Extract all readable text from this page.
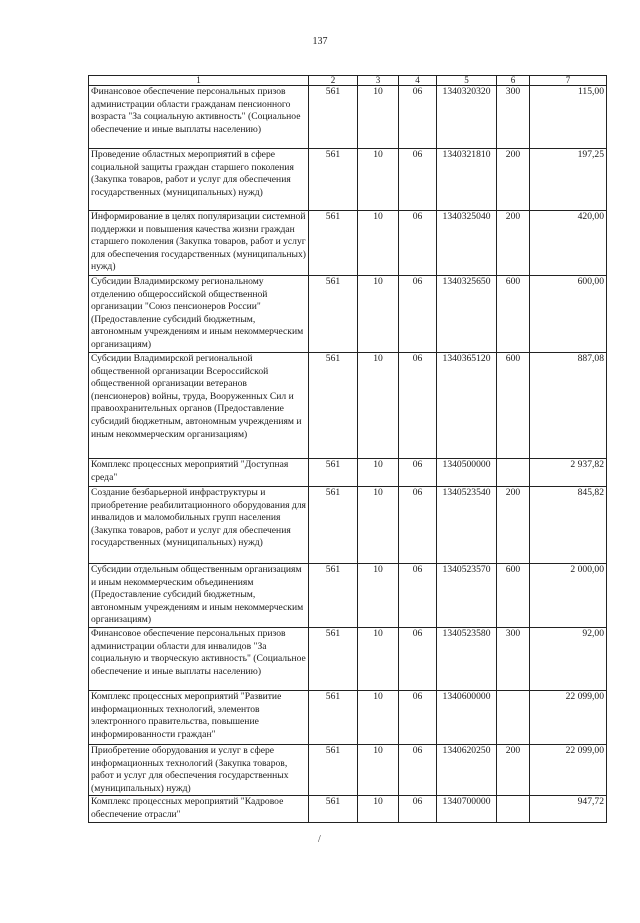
137
1	2	3	4	5	6	7
Финансовое обеспечение персональных призов администрации области гражданам пенсионного возраста "За социальную активность" (Социальное обеспечение и иные выплаты населению)	561	10	06	1340320320	300	115,00
Проведение областных мероприятий в сфере социальной защиты граждан старшего поколения (Закупка товаров, работ и услуг для обеспечения государственных (муниципальных) нужд)	561	10	06	1340321810	200	197,25
Информирование в целях популяризации системной поддержки и повышения качества жизни граждан старшего поколения (Закупка товаров, работ и услуг для обеспечения государственных (муниципальных) нужд)	561	10	06	1340325040	200	420,00
Субсидии Владимирскому региональному отделению общероссийской общественной организации "Союз пенсионеров России" (Предоставление субсидий бюджетным, автономным учреждениям и иным некоммерческим организациям)	561	10	06	1340325650	600	600,00
Субсидии Владимирской региональной общественной организации Всероссийской общественной организации ветеранов (пенсионеров) войны, труда, Вооруженных Сил и правоохранительных органов (Предоставление субсидий бюджетным, автономным учреждениям и иным некоммерческим организациям)	561	10	06	1340365120	600	887,08
Комплекс процессных мероприятий "Доступная среда"	561	10	06	1340500000		2 937,82
Создание безбарьерной инфраструктуры и приобретение реабилитационного оборудования для инвалидов и маломобильных групп населения (Закупка товаров, работ и услуг для обеспечения государственных (муниципальных) нужд)	561	10	06	1340523540	200	845,82
Субсидии отдельным общественным организациям и иным некоммерческим объединениям (Предоставление субсидий бюджетным, автономным учреждениям и иным некоммерческим организациям)	561	10	06	1340523570	600	2 000,00
Финансовое обеспечение персональных призов администрации области для инвалидов "За социальную и творческую активность" (Социальное обеспечение и иные выплаты населению)	561	10	06	1340523580	300	92,00
Комплекс процессных мероприятий "Развитие информационных технологий, элементов электронного правительства, повышение информированности граждан"	561	10	06	1340600000		22 099,00
Приобретение оборудования и услуг в сфере информационных технологий (Закупка товаров, работ и услуг для обеспечения государственных (муниципальных) нужд)	561	10	06	1340620250	200	22 099,00
Комплекс процессных мероприятий "Кадровое обеспечение отрасли"	561	10	06	1340700000		947,72
/
